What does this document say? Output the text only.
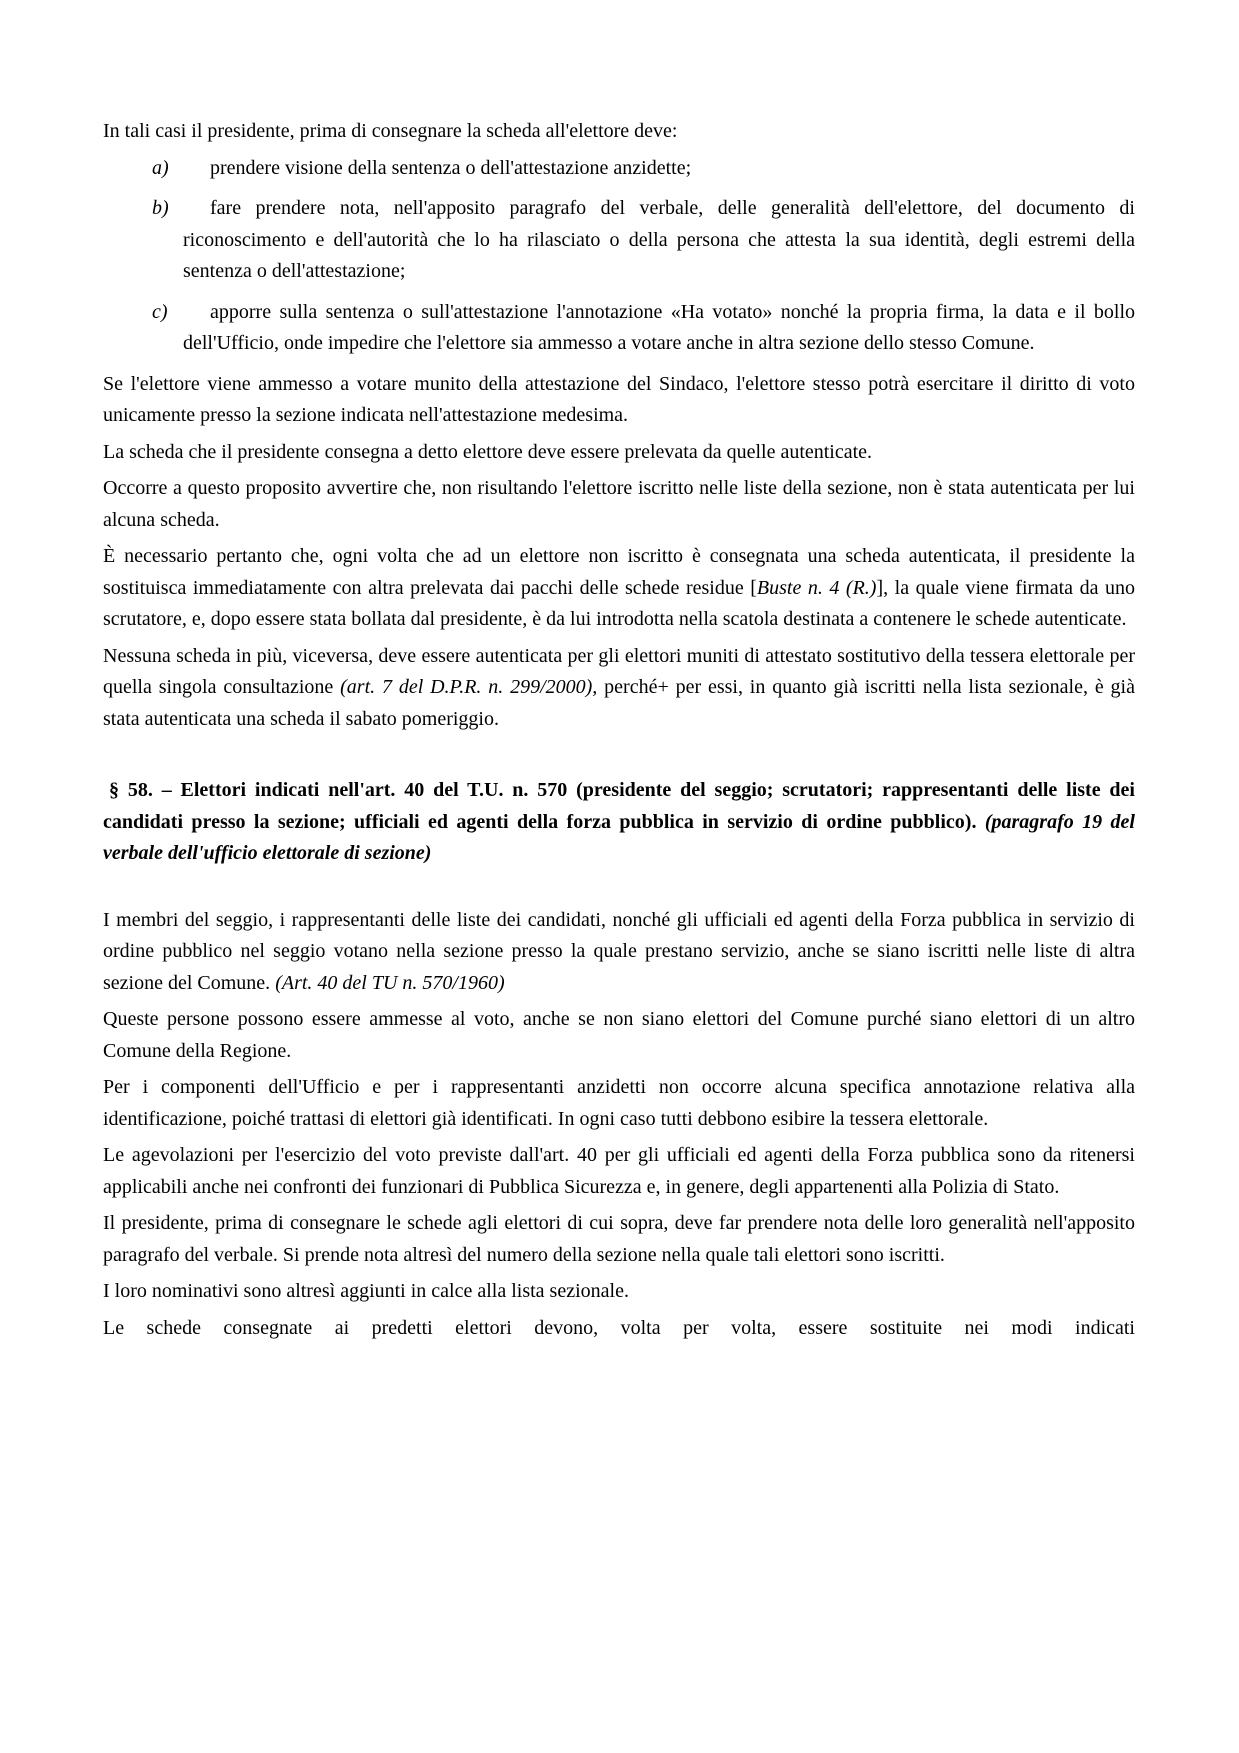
In tali casi il presidente, prima di consegnare la scheda all'elettore deve:

a) prendere visione della sentenza o dell'attestazione anzidette;

b) fare prendere nota, nell'apposito paragrafo del verbale, delle generalità dell'elettore, del documento di riconoscimento e dell'autorità che lo ha rilasciato o della persona che attesta la sua identità, degli estremi della sentenza o dell'attestazione;

c) apporre sulla sentenza o sull'attestazione l'annotazione «Ha votato» nonché la propria firma, la data e il bollo dell'Ufficio, onde impedire che l'elettore sia ammesso a votare anche in altra sezione dello stesso Comune.

Se l'elettore viene ammesso a votare munito della attestazione del Sindaco, l'elettore stesso potrà esercitare il diritto di voto unicamente presso la sezione indicata nell'attestazione medesima.

La scheda che il presidente consegna a detto elettore deve essere prelevata da quelle autenticate.

Occorre a questo proposito avvertire che, non risultando l'elettore iscritto nelle liste della sezione, non è stata autenticata per lui alcuna scheda.

È necessario pertanto che, ogni volta che ad un elettore non iscritto è consegnata una scheda autenticata, il presidente la sostituisca immediatamente con altra prelevata dai pacchi delle schede residue [Buste n. 4 (R.)], la quale viene firmata da uno scrutatore, e, dopo essere stata bollata dal presidente, è da lui introdotta nella scatola destinata a contenere le schede autenticate.

Nessuna scheda in più, viceversa, deve essere autenticata per gli elettori muniti di attestato sostitutivo della tessera elettorale per quella singola consultazione (art. 7 del D.P.R. n. 299/2000), perché+ per essi, in quanto già iscritti nella lista sezionale, è già stata autenticata una scheda il sabato pomeriggio.

§ 58. – Elettori indicati nell'art. 40 del T.U. n. 570 (presidente del seggio; scrutatori; rappresentanti delle liste dei candidati presso la sezione; ufficiali ed agenti della forza pubblica in servizio di ordine pubblico). (paragrafo 19 del verbale dell'ufficio elettorale di sezione)

I membri del seggio, i rappresentanti delle liste dei candidati, nonché gli ufficiali ed agenti della Forza pubblica in servizio di ordine pubblico nel seggio votano nella sezione presso la quale prestano servizio, anche se siano iscritti nelle liste di altra sezione del Comune. (Art. 40 del TU n. 570/1960)

Queste persone possono essere ammesse al voto, anche se non siano elettori del Comune purché siano elettori di un altro Comune della Regione.

Per i componenti dell'Ufficio e per i rappresentanti anzidetti non occorre alcuna specifica annotazione relativa alla identificazione, poiché trattasi di elettori già identificati. In ogni caso tutti debbono esibire la tessera elettorale.

Le agevolazioni per l'esercizio del voto previste dall'art. 40 per gli ufficiali ed agenti della Forza pubblica sono da ritenersi applicabili anche nei confronti dei funzionari di Pubblica Sicurezza e, in genere, degli appartenenti alla Polizia di Stato.

Il presidente, prima di consegnare le schede agli elettori di cui sopra, deve far prendere nota delle loro generalità nell'apposito paragrafo del verbale. Si prende nota altresì del numero della sezione nella quale tali elettori sono iscritti.

I loro nominativi sono altresì aggiunti in calce alla lista sezionale.

Le schede consegnate ai predetti elettori devono, volta per volta, essere sostituite nei modi indicati
